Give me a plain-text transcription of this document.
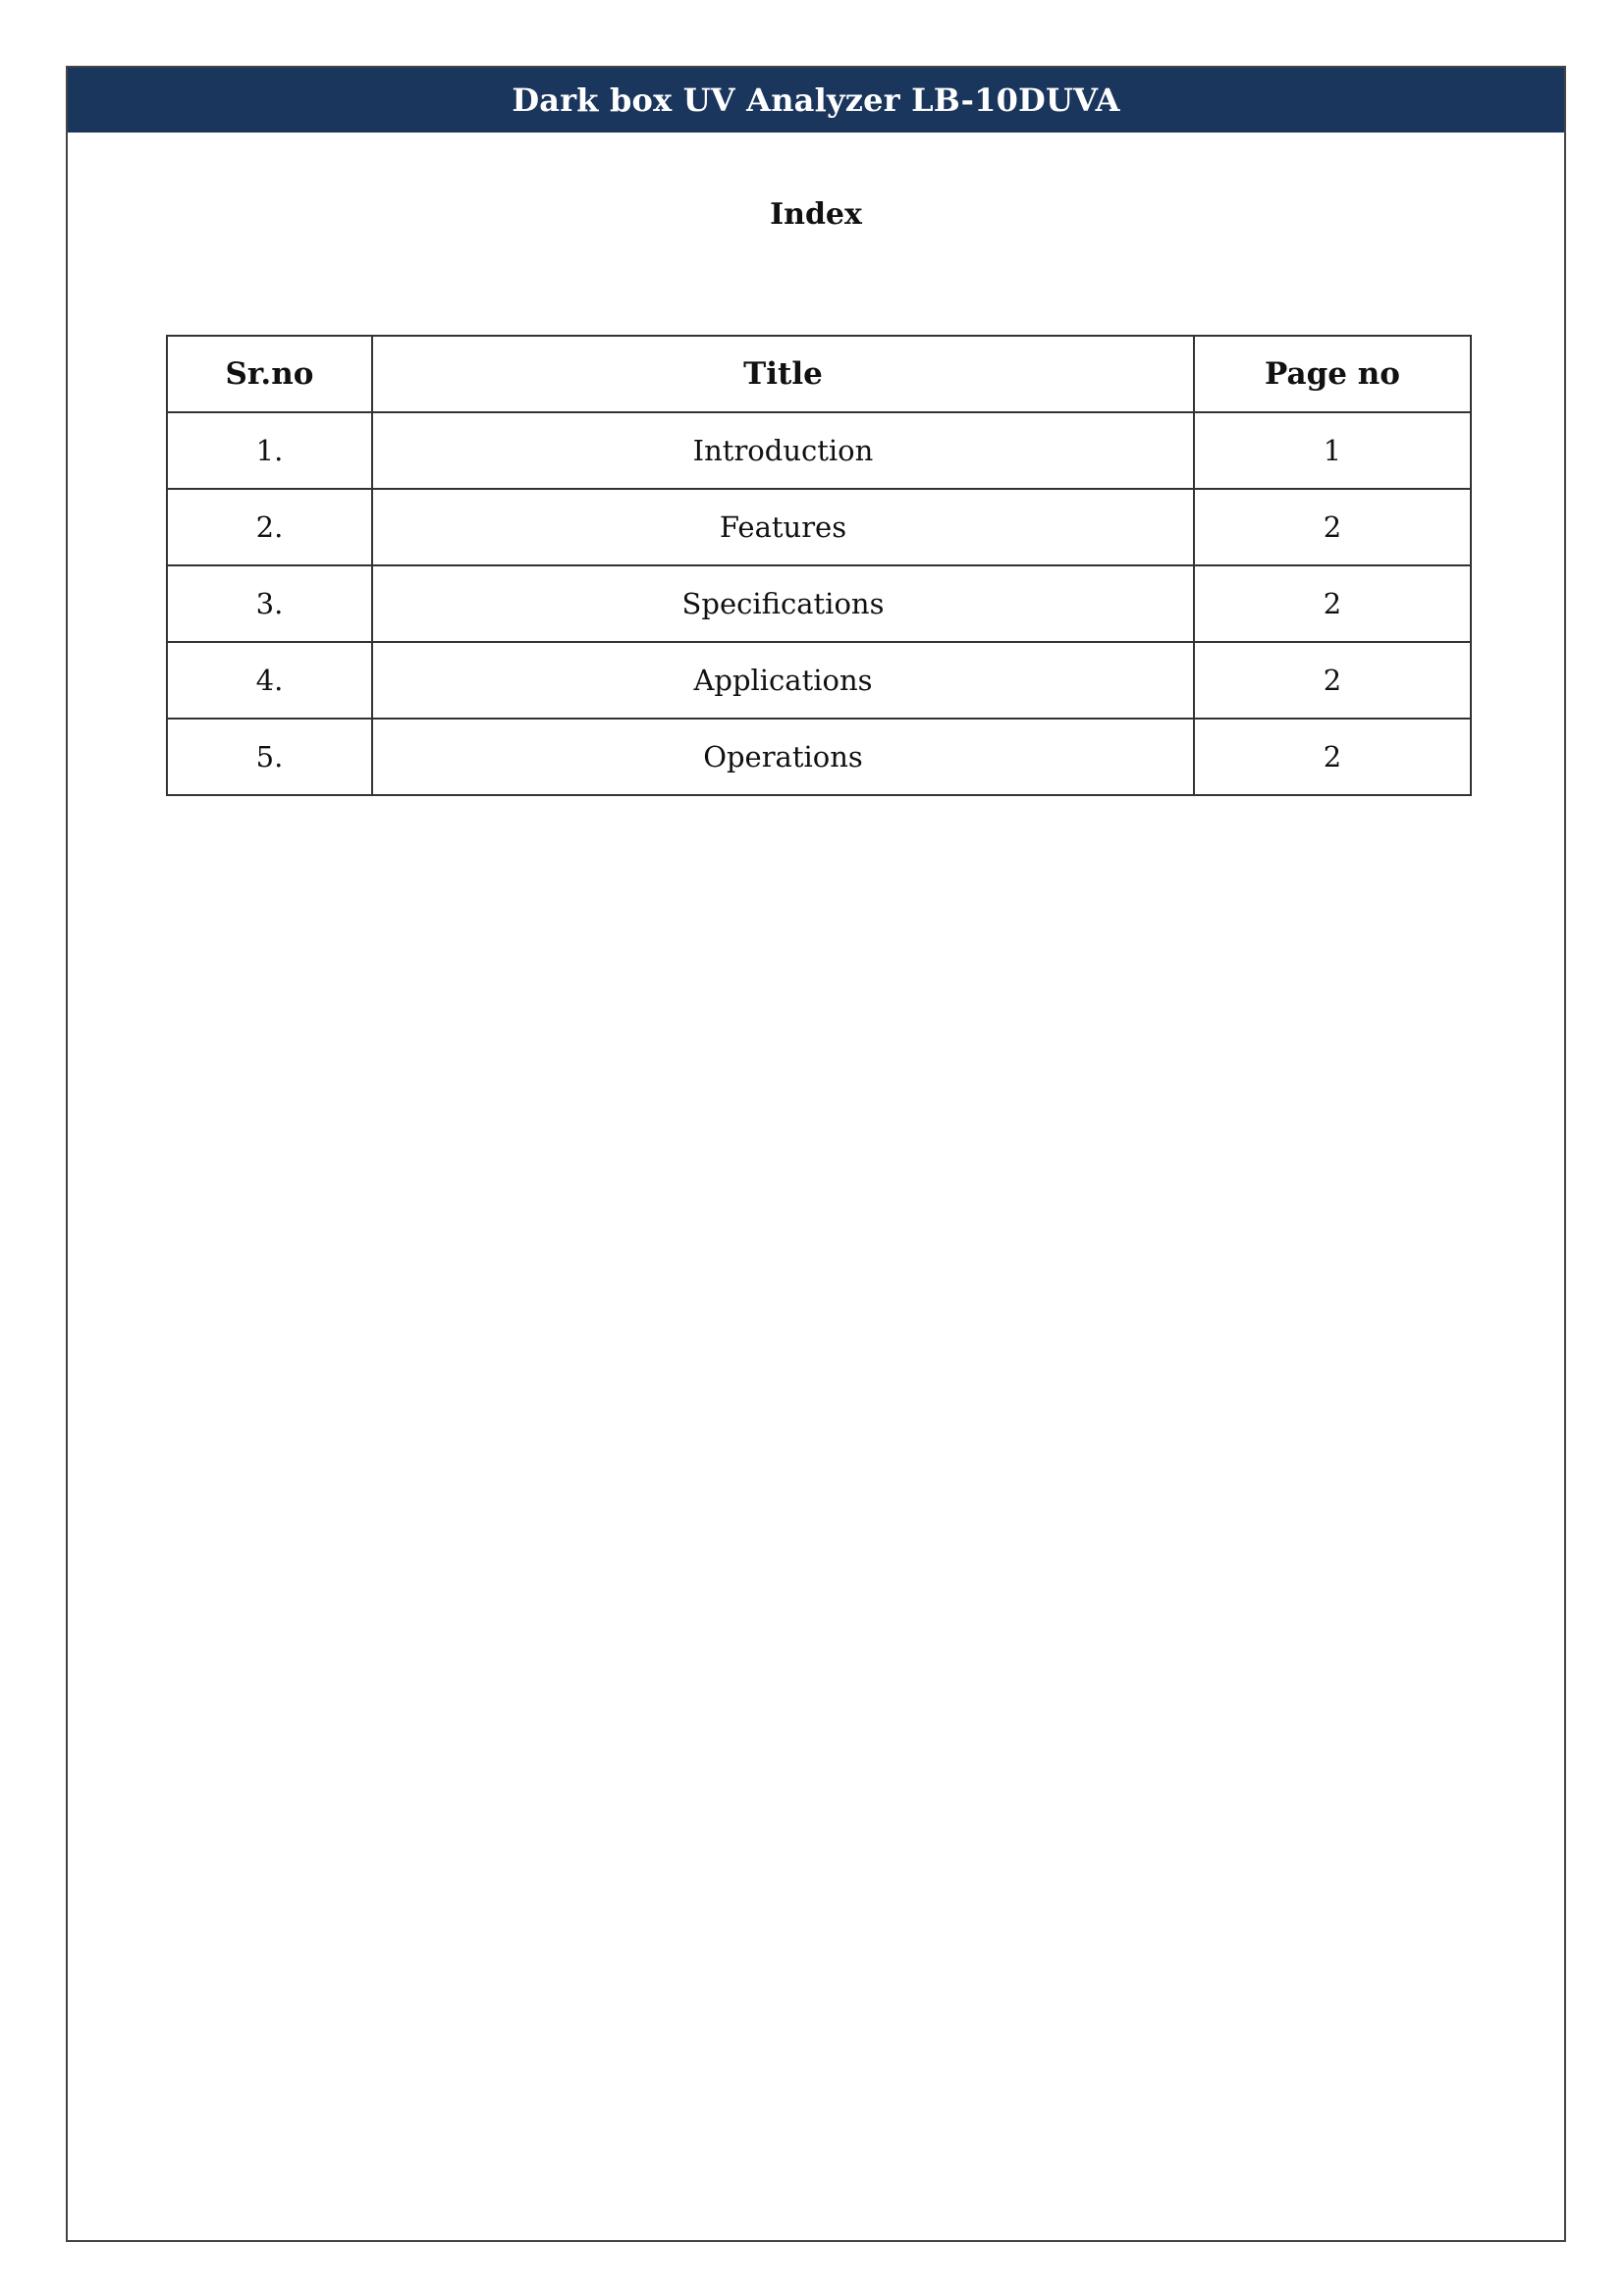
Dark box UV Analyzer LB-10DUVA
Index
Sr.no	Title	Page no
1.	Introduction	1
2.	Features	2
3.	Specifications	2
4.	Applications	2
5.	Operations	2
